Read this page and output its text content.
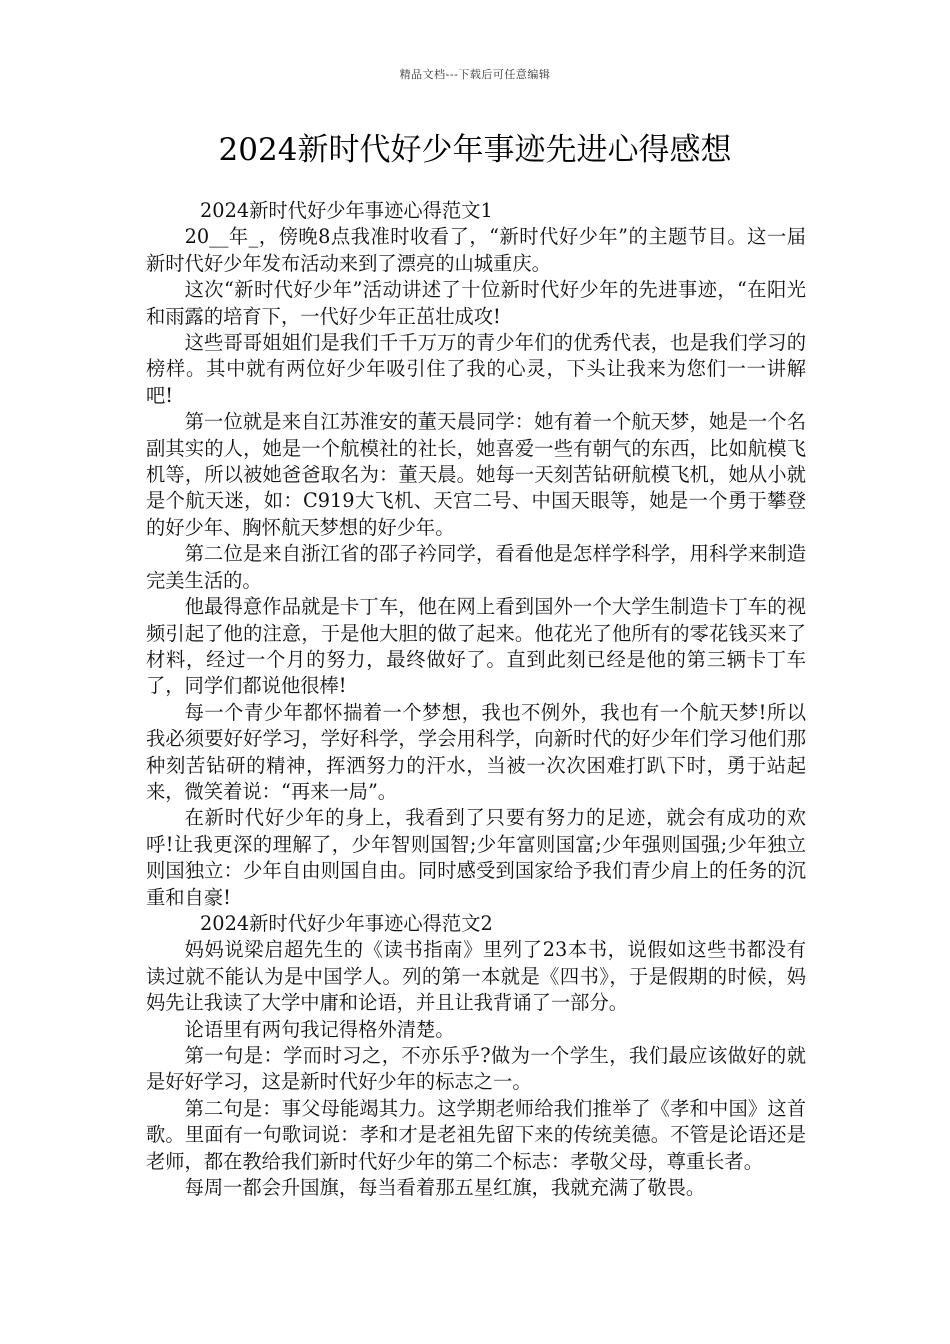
精品文档---下载后可任意编辑
2024新时代好少年事迹先进心得感想

2024新时代好少年事迹心得范文1

20__年_，傍晚8点我准时收看了，“新时代好少年”的主题节目。这一届新时代好少年发布活动来到了漂亮的山城重庆。

这次“新时代好少年”活动讲述了十位新时代好少年的先进事迹，“在阳光和雨露的培育下，一代好少年正茁壮成攻!

这些哥哥姐姐们是我们千千万万的青少年们的优秀代表，也是我们学习的榜样。其中就有两位好少年吸引住了我的心灵，下头让我来为您们一一讲解吧!

第一位就是来自江苏淮安的董天晨同学：她有着一个航天梦，她是一个名副其实的人，她是一个航模社的社长，她喜爱一些有朝气的东西，比如航模飞机等，所以被她爸爸取名为：董天晨。她每一天刻苦钻研航模飞机，她从小就是个航天迷，如：C919大飞机、天宫二号、中国天眼等，她是一个勇于攀登的好少年、胸怀航天梦想的好少年。

第二位是来自浙江省的邵子衿同学，看看他是怎样学科学，用科学来制造完美生活的。

他最得意作品就是卡丁车，他在网上看到国外一个大学生制造卡丁车的视频引起了他的注意，于是他大胆的做了起来。他花光了他所有的零花钱买来了材料，经过一个月的努力，最终做好了。直到此刻已经是他的第三辆卡丁车了，同学们都说他很棒!

每一个青少年都怀揣着一个梦想，我也不例外，我也有一个航天梦!所以我必须要好好学习，学好科学，学会用科学，向新时代的好少年们学习他们那种刻苦钻研的精神，挥洒努力的汗水，当被一次次困难打趴下时，勇于站起来，微笑着说：“再来一局”。

在新时代好少年的身上，我看到了只要有努力的足迹，就会有成功的欢呼!让我更深的理解了，少年智则国智;少年富则国富;少年强则国强;少年独立则国独立：少年自由则国自由。同时感受到国家给予我们青少肩上的任务的沉重和自豪!

2024新时代好少年事迹心得范文2

妈妈说梁启超先生的《读书指南》里列了23本书，说假如这些书都没有读过就不能认为是中国学人。列的第一本就是《四书》，于是假期的时候，妈妈先让我读了大学中庸和论语，并且让我背诵了一部分。

论语里有两句我记得格外清楚。

第一句是：学而时习之，不亦乐乎?做为一个学生，我们最应该做好的就是好好学习，这是新时代好少年的标志之一。

第二句是：事父母能竭其力。这学期老师给我们推举了《孝和中国》这首歌。里面有一句歌词说：孝和才是老祖先留下来的传统美德。不管是论语还是老师，都在教给我们新时代好少年的第二个标志：孝敬父母，尊重长者。

每周一都会升国旗，每当看着那五星红旗，我就充满了敬畏。
